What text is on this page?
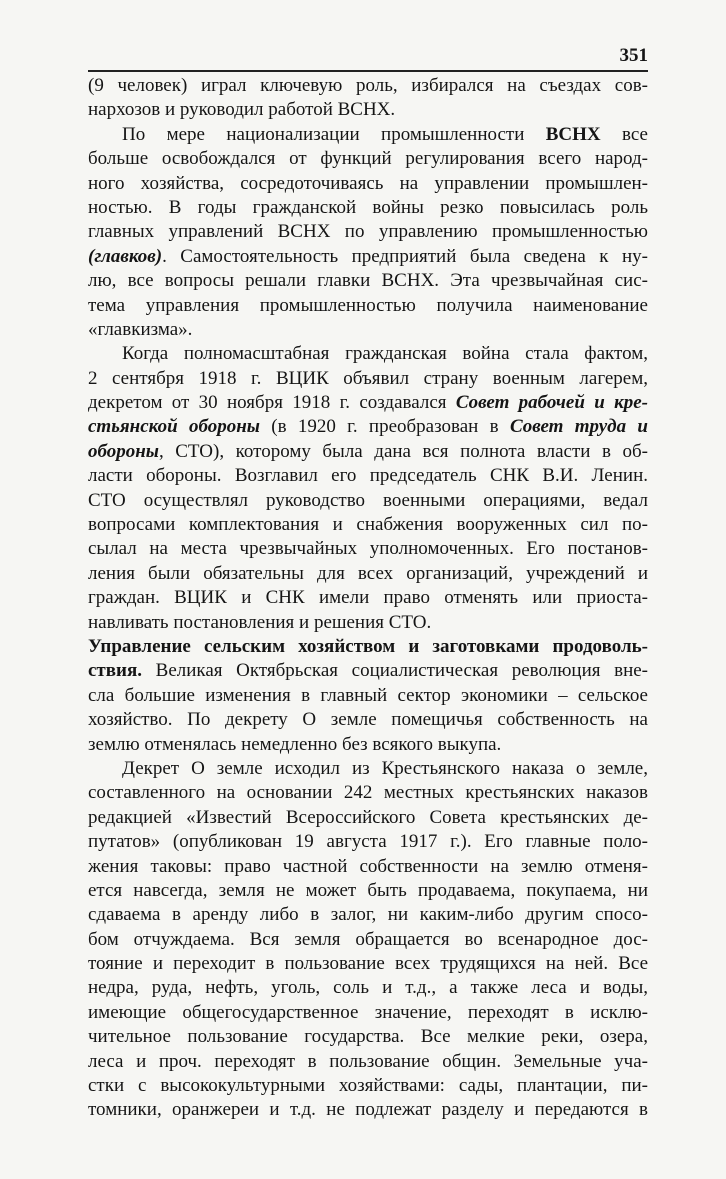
351
(9 человек) играл ключевую роль, избирался на съездах сов-
нархозов и руководил работой ВСНХ.
По мере национализации промышленности ВСНХ все
больше освобождался от функций регулирования всего народ-
ного хозяйства, сосредоточиваясь на управлении промышлен-
ностью. В годы гражданской войны резко повысилась роль
главных управлений ВСНХ по управлению промышленностью
(главков). Самостоятельность предприятий была сведена к ну-
лю, все вопросы решали главки ВСНХ. Эта чрезвычайная сис-
тема управления промышленностью получила наименование
«главкизма».
Когда полномасштабная гражданская война стала фактом,
2 сентября 1918 г. ВЦИК объявил страну военным лагерем,
декретом от 30 ноября 1918 г. создавался Совет рабочей и кре-
стьянской обороны (в 1920 г. преобразован в Совет труда и
обороны, СТО), которому была дана вся полнота власти в об-
ласти обороны. Возглавил его председатель СНК В.И. Ленин.
СТО осуществлял руководство военными операциями, ведал
вопросами комплектования и снабжения вооруженных сил по-
сылал на места чрезвычайных уполномоченных. Его постанов-
ления были обязательны для всех организаций, учреждений и
граждан. ВЦИК и СНК имели право отменять или приоста-
навливать постановления и решения СТО.
Управление сельским хозяйством и заготовками продоволь-
ствия. Великая Октябрьская социалистическая революция вне-
сла большие изменения в главный сектор экономики – сельское
хозяйство. По декрету О земле помещичья собственность на
землю отменялась немедленно без всякого выкупа.
Декрет О земле исходил из Крестьянского наказа о земле,
составленного на основании 242 местных крестьянских наказов
редакцией «Известий Всероссийского Совета крестьянских де-
путатов» (опубликован 19 августа 1917 г.). Его главные поло-
жения таковы: право частной собственности на землю отменя-
ется навсегда, земля не может быть продаваема, покупаема, ни
сдаваема в аренду либо в залог, ни каким-либо другим спосо-
бом отчуждаема. Вся земля обращается во всенародное дос-
тояние и переходит в пользование всех трудящихся на ней. Все
недра, руда, нефть, уголь, соль и т.д., а также леса и воды,
имеющие общегосударственное значение, переходят в исклю-
чительное пользование государства. Все мелкие реки, озера,
леса и проч. переходят в пользование общин. Земельные уча-
стки с высококультурными хозяйствами: сады, плантации, пи-
томники, оранжереи и т.д. не подлежат разделу и передаются в
